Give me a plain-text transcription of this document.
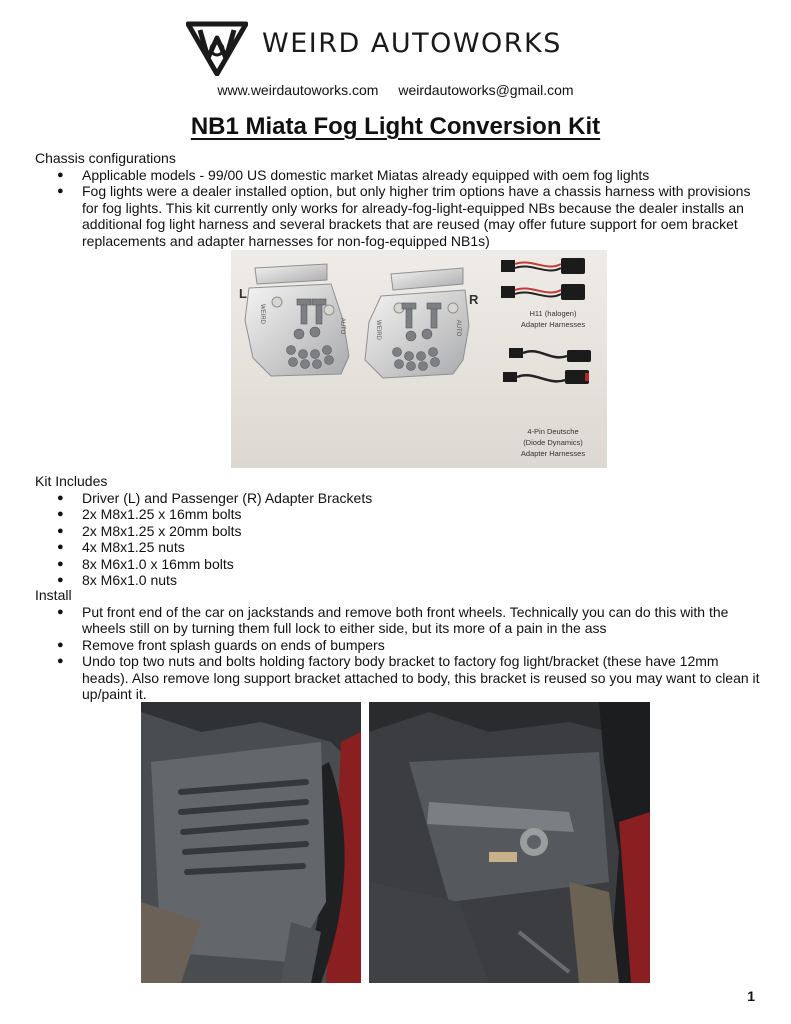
WEIRD AUTOWORKS
www.weirdautoworks.com weirdautoworks@gmail.com
NB1 Miata Fog Light Conversion Kit
Chassis configurations
● Applicable models - 99/00 US domestic market Miatas already equipped with oem fog lights
● Fog lights were a dealer installed option, but only higher trim options have a chassis harness with provisions for fog lights. This kit currently only works for already-fog-light-equipped NBs because the dealer installs an additional fog light harness and several brackets that are reused (may offer future support for oem bracket replacements and adapter harnesses for non-fog-equipped NB1s)
WEIRD
AUTO	WEIRD	AUTO
L	R
H11 (halogen)
Adapter Harnesses
4-Pin Deutsche
(Diode Dynamics)
Adapter Harnesses
Kit Includes
● Driver (L) and Passenger (R) Adapter Brackets
● 2x M8x1.25 x 16mm bolts
● 2x M8x1.25 x 20mm bolts
● 4x M8x1.25 nuts
● 8x M6x1.0 x 16mm bolts
● 8x M6x1.0 nuts
Install
● Put front end of the car on jackstands and remove both front wheels. Technically you can do this with the wheels still on by turning them full lock to either side, but its more of a pain in the ass
● Remove front splash guards on ends of bumpers
● Undo top two nuts and bolts holding factory body bracket to factory fog light/bracket (these have 12mm heads). Also remove long support bracket attached to body, this bracket is reused so you may want to clean it up/paint it.
1
